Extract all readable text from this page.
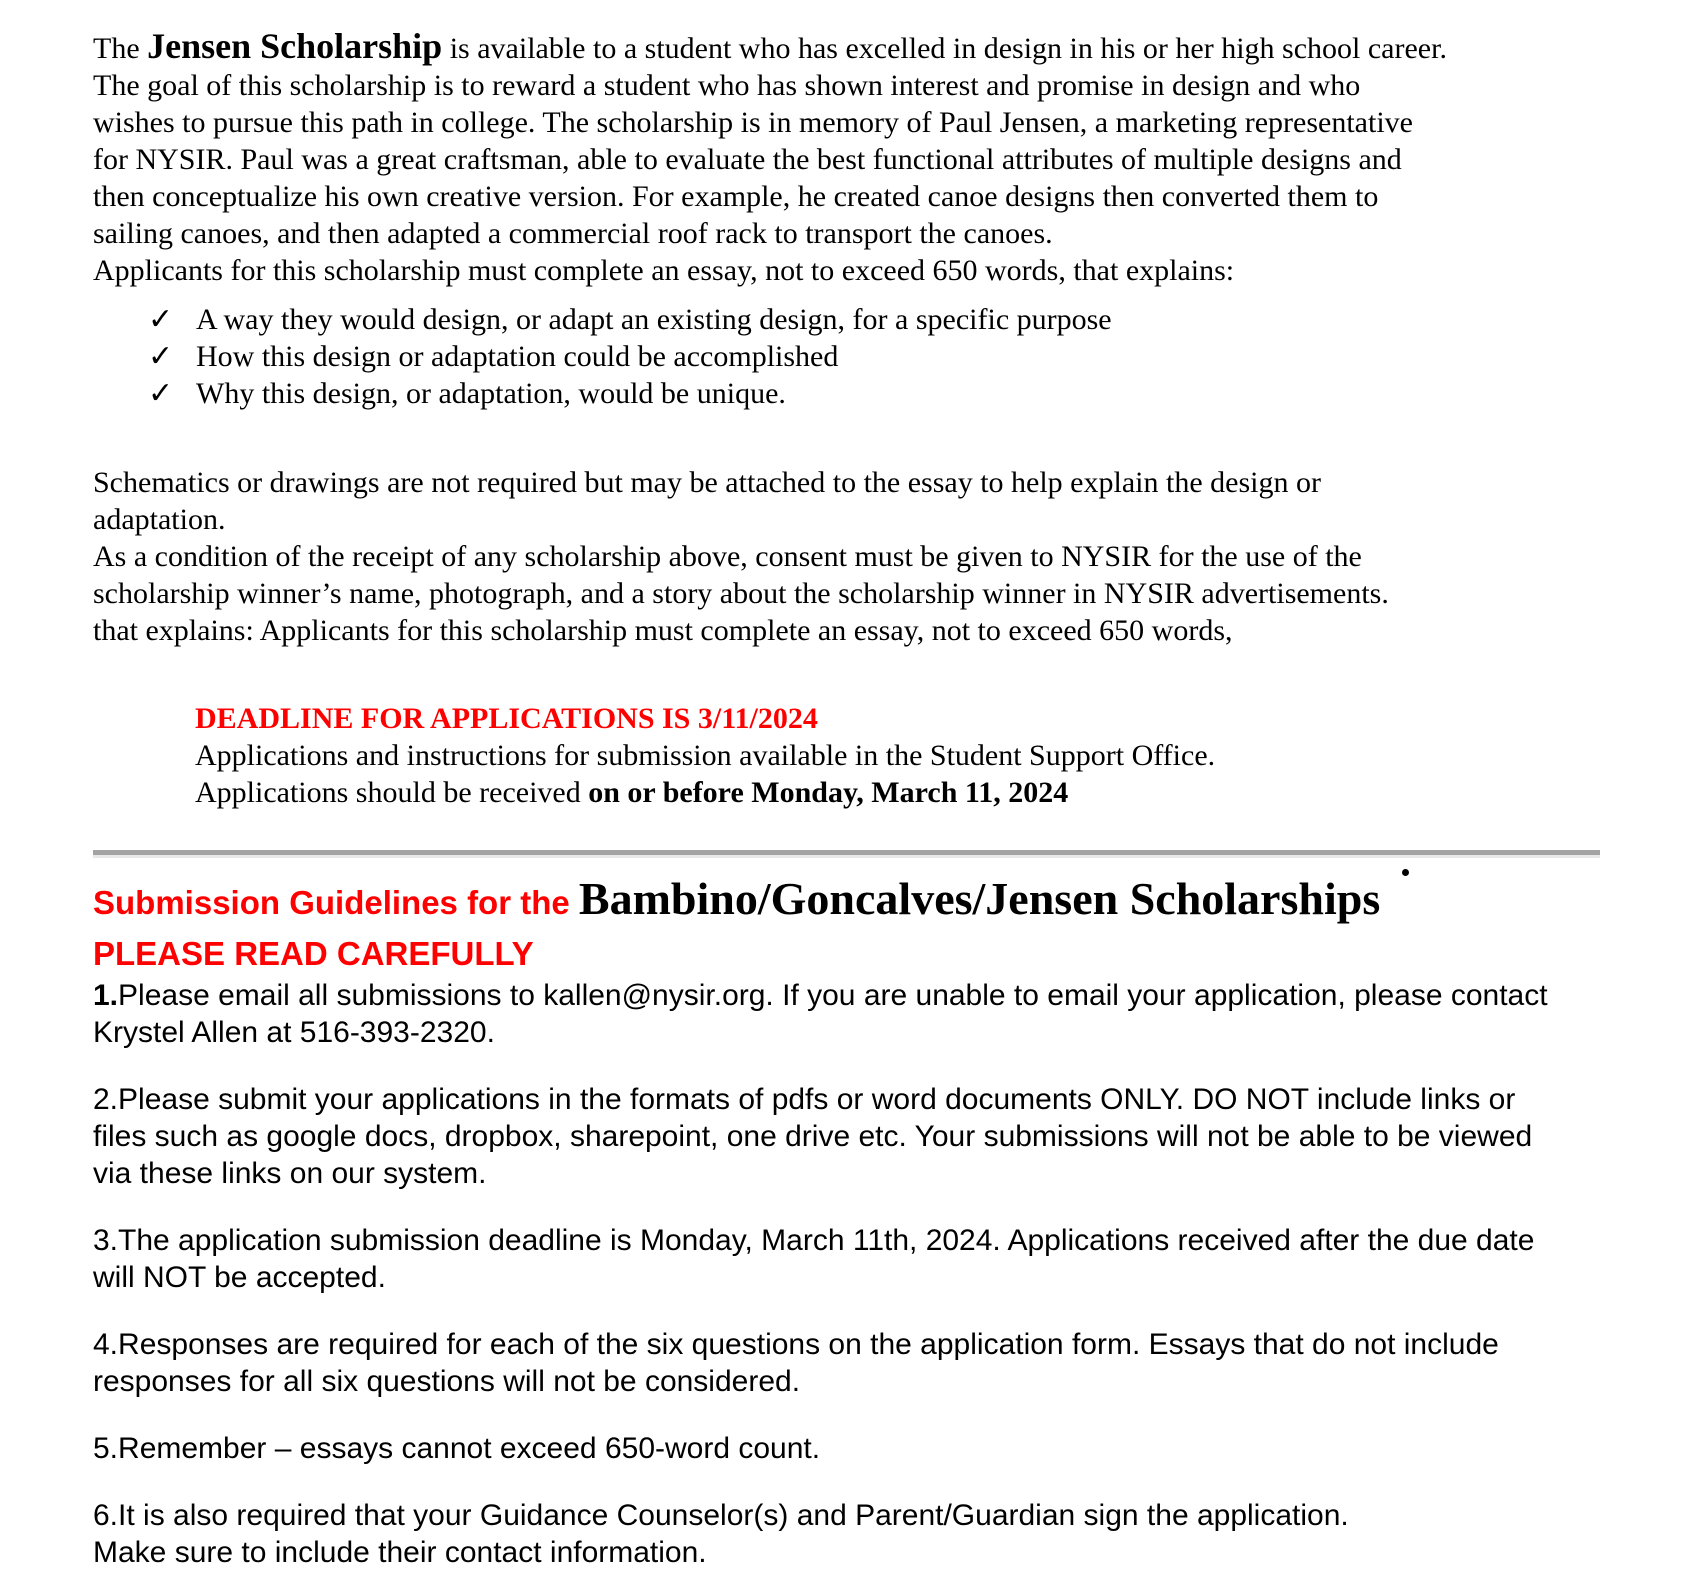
The Jensen Scholarship is available to a student who has excelled in design in his or her high school career.
The goal of this scholarship is to reward a student who has shown interest and promise in design and who
wishes to pursue this path in college. The scholarship is in memory of Paul Jensen, a marketing representative
for NYSIR. Paul was a great craftsman, able to evaluate the best functional attributes of multiple designs and
then conceptualize his own creative version. For example, he created canoe designs then converted them to
sailing canoes, and then adapted a commercial roof rack to transport the canoes.
Applicants for this scholarship must complete an essay, not to exceed 650 words, that explains:
✓ A way they would design, or adapt an existing design, for a specific purpose
✓ How this design or adaptation could be accomplished
✓ Why this design, or adaptation, would be unique.
Schematics or drawings are not required but may be attached to the essay to help explain the design or
adaptation.
As a condition of the receipt of any scholarship above, consent must be given to NYSIR for the use of the
scholarship winner’s name, photograph, and a story about the scholarship winner in NYSIR advertisements.
that explains: Applicants for this scholarship must complete an essay, not to exceed 650 words,
DEADLINE FOR APPLICATIONS IS 3/11/2024
Applications and instructions for submission available in the Student Support Office.
Applications should be received on or before Monday, March 11, 2024
Submission Guidelines for the Bambino/Goncalves/Jensen Scholarships
PLEASE READ CAREFULLY
1.Please email all submissions to kallen@nysir.org. If you are unable to email your application, please contact
Krystel Allen at 516-393-2320.
2.Please submit your applications in the formats of pdfs or word documents ONLY. DO NOT include links or
files such as google docs, dropbox, sharepoint, one drive etc. Your submissions will not be able to be viewed
via these links on our system.
3.The application submission deadline is Monday, March 11th, 2024. Applications received after the due date
will NOT be accepted.
4.Responses are required for each of the six questions on the application form. Essays that do not include
responses for all six questions will not be considered.
5.Remember – essays cannot exceed 650-word count.
6.It is also required that your Guidance Counselor(s) and Parent/Guardian sign the application.
Make sure to include their contact information.
